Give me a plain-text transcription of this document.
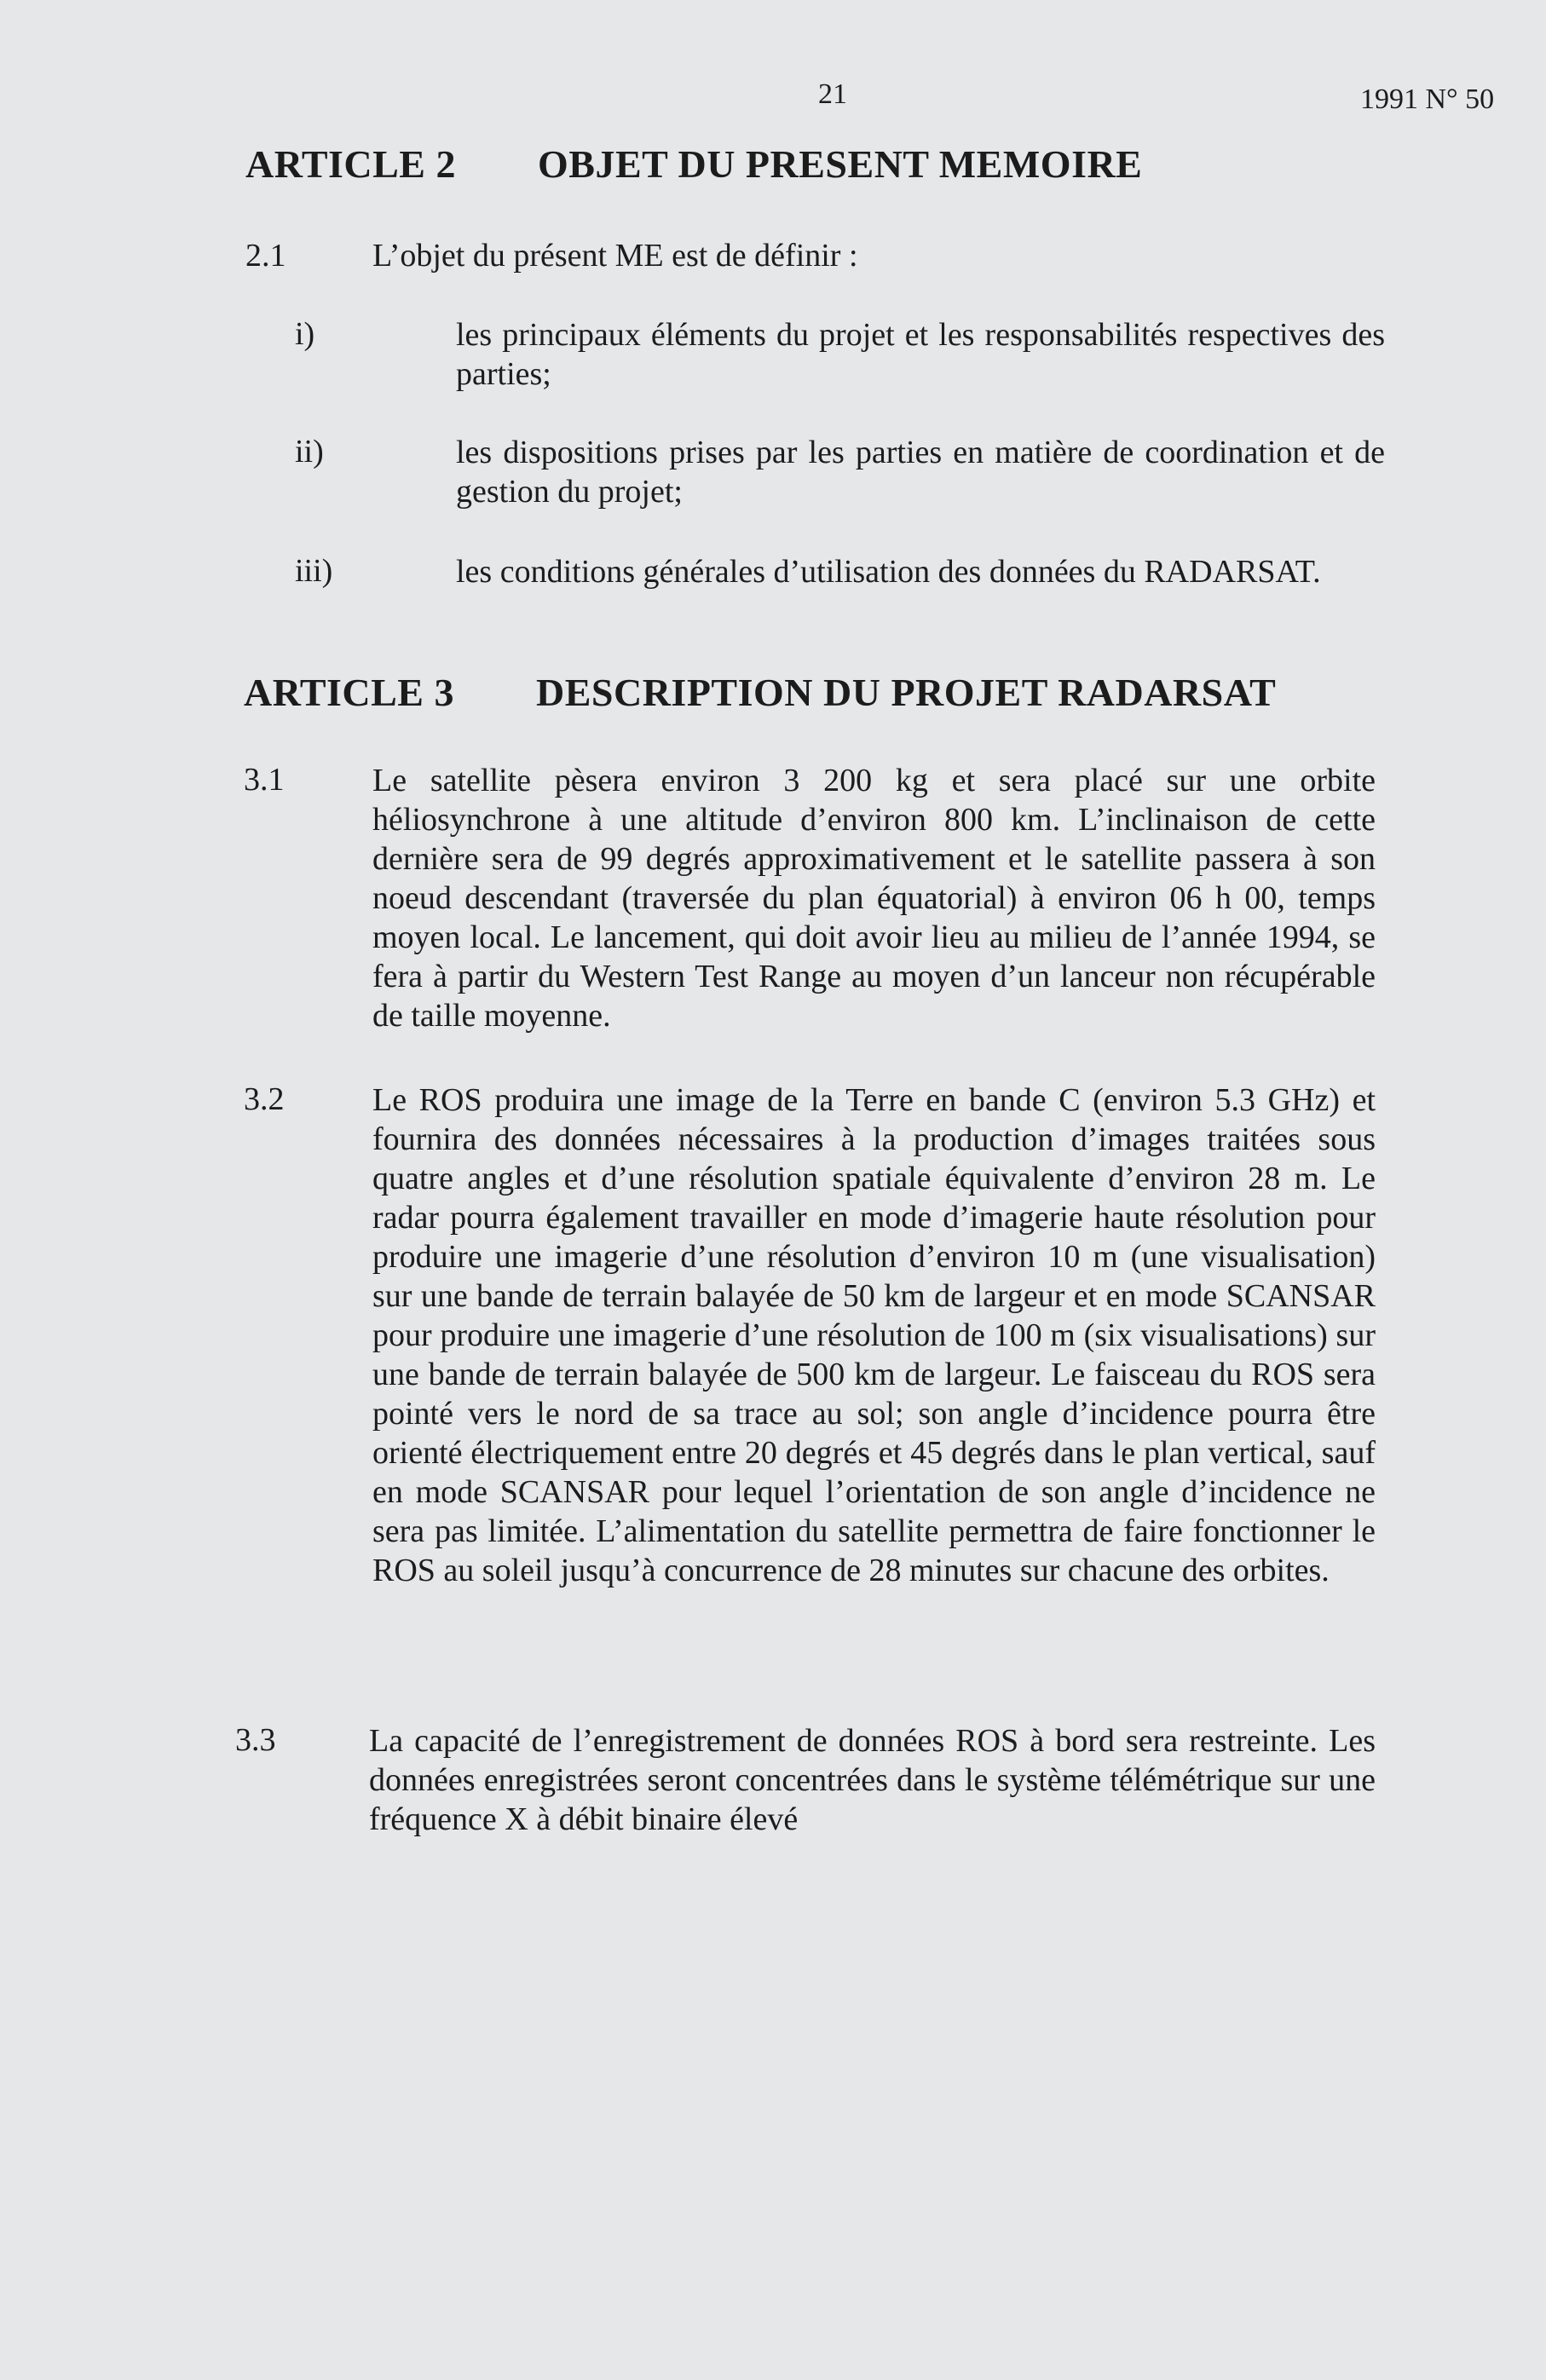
21	1991 N° 50
ARTICLE 2 OBJET DU PRESENT MEMOIRE
2.1	L’objet du présent ME est de définir :
i)	les principaux éléments du projet et les responsabilités respectives des parties;
ii)	les dispositions prises par les parties en matière de coordination et de gestion du projet;
iii)	les conditions générales d’utilisation des données du RADARSAT.
ARTICLE 3 DESCRIPTION DU PROJET RADARSAT
3.1	Le satellite pèsera environ 3 200 kg et sera placé sur une orbite héliosynchrone à une altitude d’environ 800 km. L’inclinaison de cette dernière sera de 99 degrés approximativement et le satellite passera à son noeud descendant (traversée du plan équatorial) à environ 06 h 00, temps moyen local. Le lancement, qui doit avoir lieu au milieu de l’année 1994, se fera à partir du Western Test Range au moyen d’un lanceur non récupérable de taille moyenne.
3.2	Le ROS produira une image de la Terre en bande C (environ 5.3 GHz) et fournira des données nécessaires à la production d’images traitées sous quatre angles et d’une résolution spatiale équivalente d’environ 28 m. Le radar pourra également travailler en mode d’imagerie haute résolution pour produire une imagerie d’une résolution d’environ 10 m (une visualisation) sur une bande de terrain balayée de 50 km de largeur et en mode SCANSAR pour produire une imagerie d’une résolution de 100 m (six visualisations) sur une bande de terrain balayée de 500 km de largeur. Le faisceau du ROS sera pointé vers le nord de sa trace au sol; son angle d’incidence pourra être orienté électriquement entre 20 degrés et 45 degrés dans le plan vertical, sauf en mode SCANSAR pour lequel l’orientation de son angle d’incidence ne sera pas limitée. L’alimentation du satellite permettra de faire fonctionner le ROS au soleil jusqu’à concurrence de 28 minutes sur chacune des orbites.
3.3	La capacité de l’enregistrement de données ROS à bord sera restreinte. Les données enregistrées seront concentrées dans le système télémétrique sur une fréquence X à débit binaire élevé
